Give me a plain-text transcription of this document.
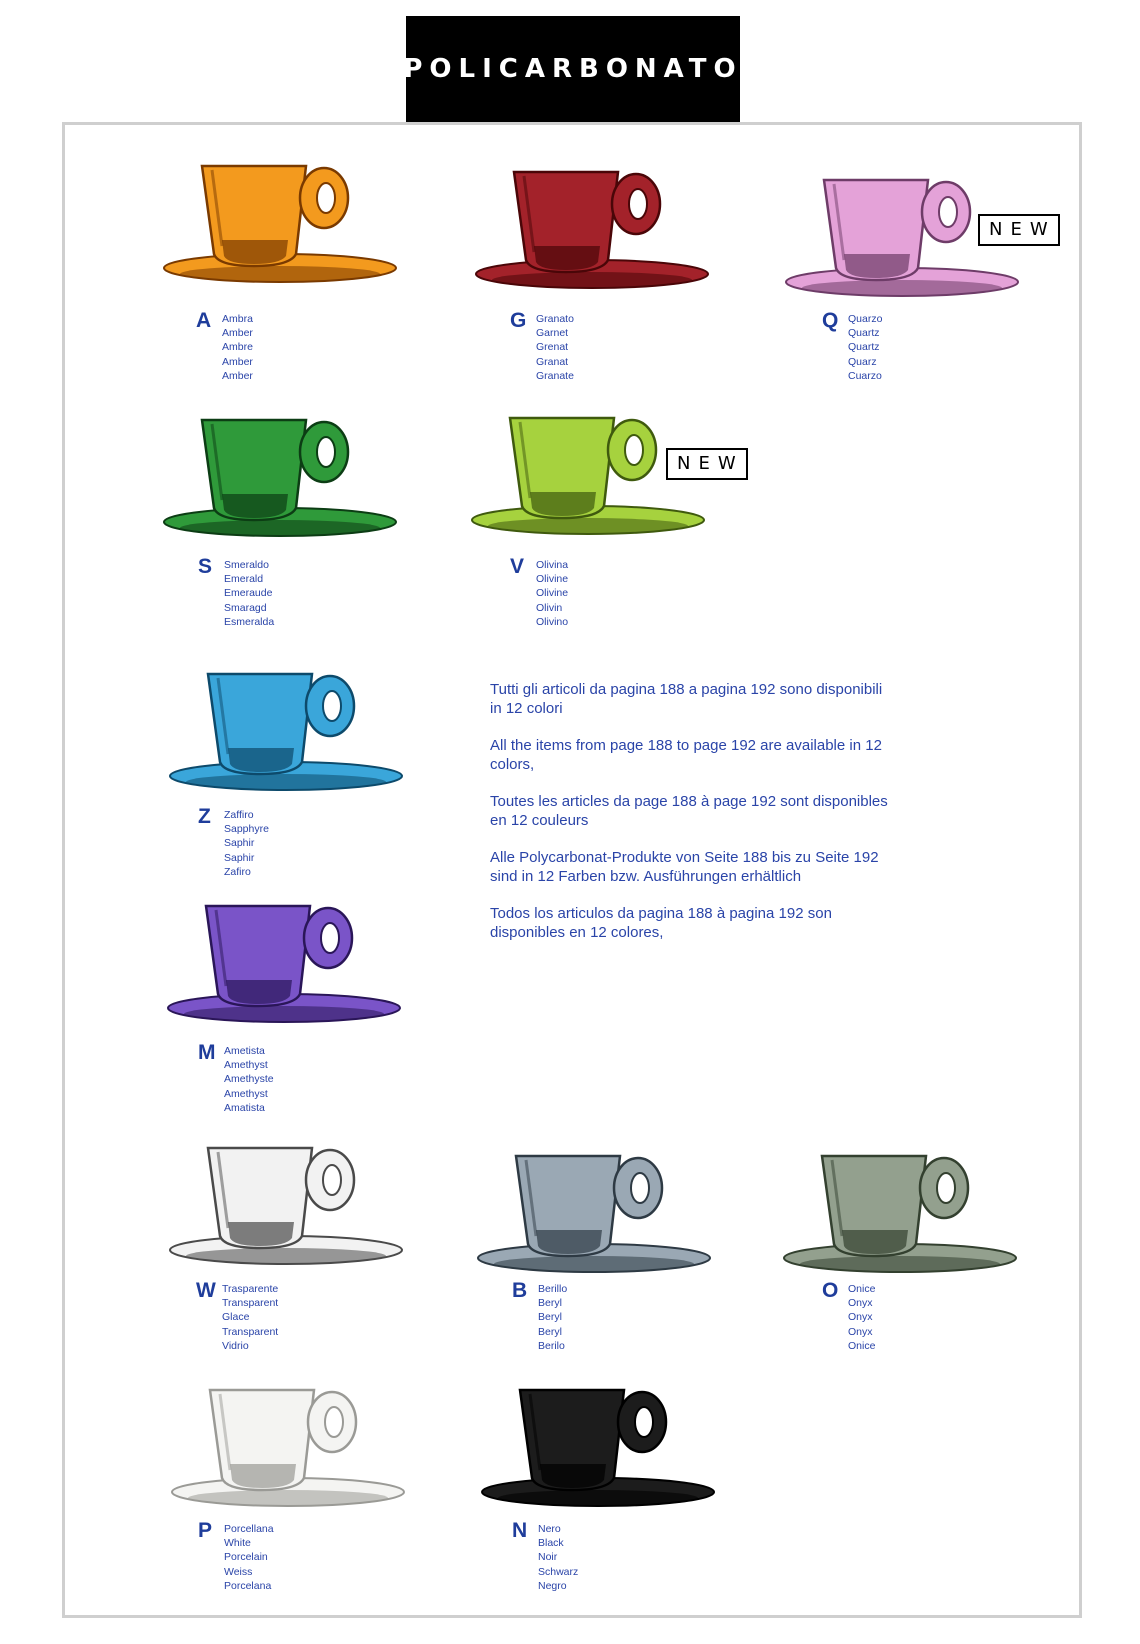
POLICARBONATO
A	Ambra
Amber
Ambre
Amber
Amber
G Granato
Garnet
Grenat
Granat
Granate
Q Quarzo
Quartz
Quartz
Quarz
Cuarzo
S	Smeraldo
Emerald
Emeraude
Smaragd
Esmeralda
V	Olivina
Olivine
Olivine
Olivin
Olivino
Z	Zaffiro
Sapphyre
Saphir
Saphir
Zafiro
M Ametista
Amethyst
Amethyste
Amethyst
Amatista
W Trasparente
Transparent
Glace
Transparent
Vidrio
B	Berillo
Beryl
Beryl
Beryl
Berilo
O Onice
Onyx
Onyx
Onyx
Onice
P	Porcellana
White
Porcelain
Weiss
Porcelana
N	Nero
Black
Noir
Schwarz
Negro
NEW
NEW

Tutti gli articoli da pagina 188 a pagina 192 sono disponibili in 12 colori

All the items from page 188 to page 192 are available in 12 colors,

Toutes les articles da page 188 à page 192 sont disponibles en 12 couleurs

Alle Polycarbonat-Produkte von Seite 188 bis zu Seite 192 sind in 12 Farben bzw. Ausführungen erhältlich

Todos los articulos da pagina 188 à pagina 192 son disponibles en 12 colores,
